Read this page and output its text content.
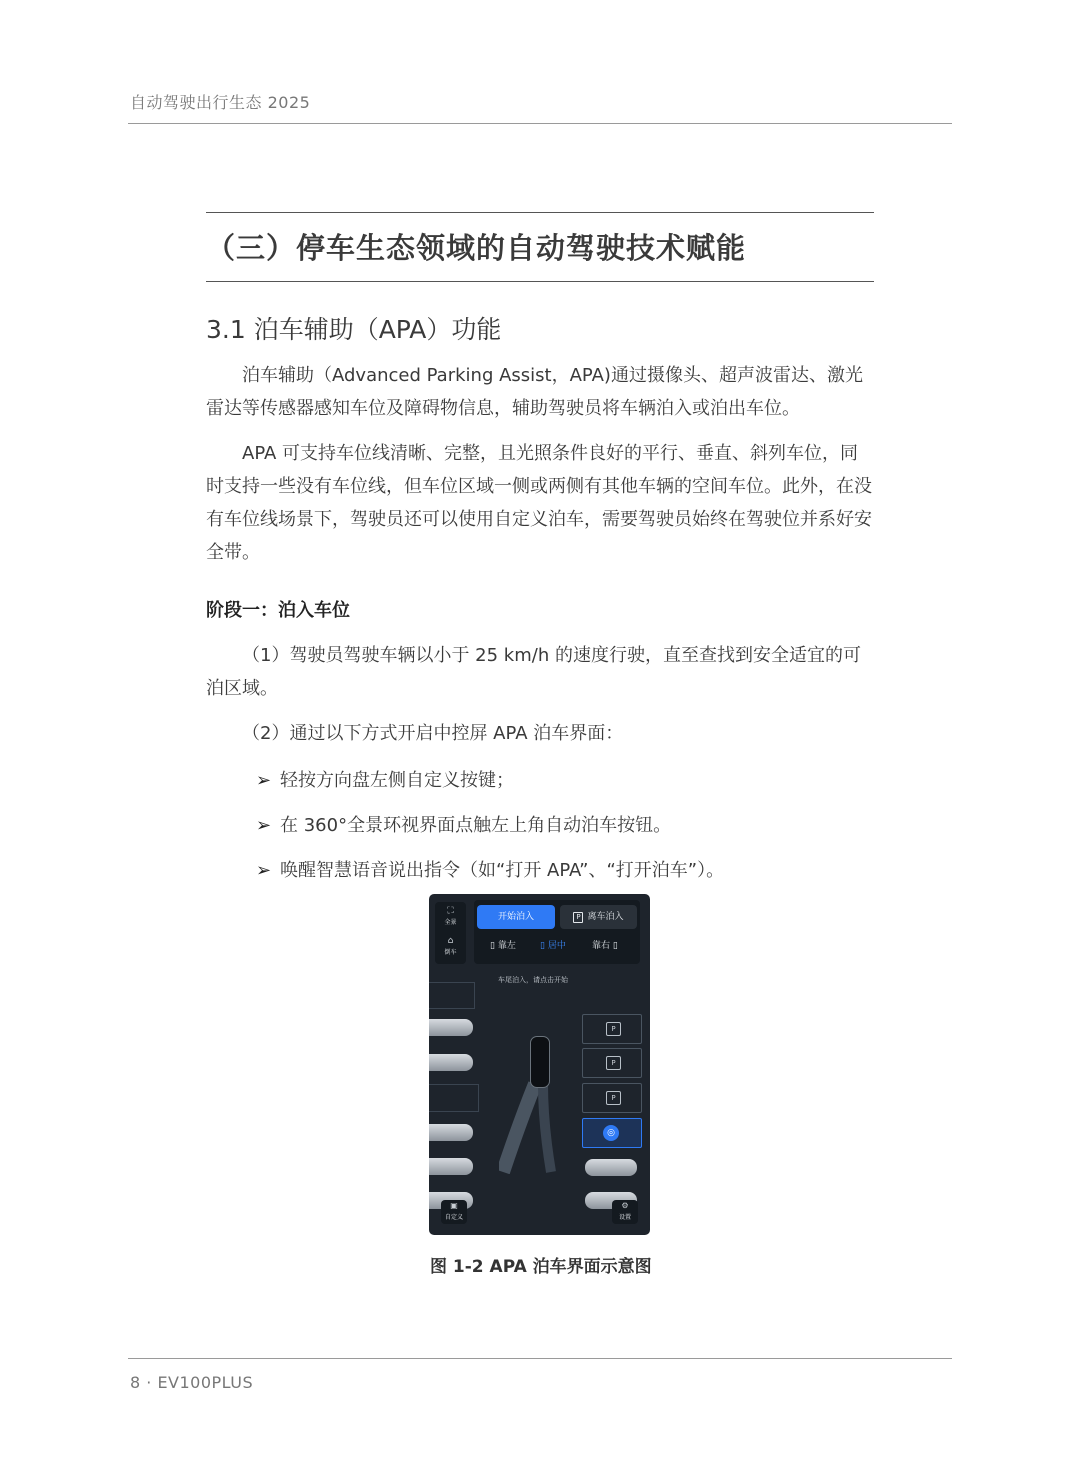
自动驾驶出行生态 2025
（三）停车生态领域的自动驾驶技术赋能
3.1 泊车辅助（APA）功能

泊车辅助（Advanced Parking Assist，APA)通过摄像头、超声波雷达、激光雷达等传感器感知车位及障碍物信息，辅助驾驶员将车辆泊入或泊出车位。

APA 可支持车位线清晰、完整，且光照条件良好的平行、垂直、斜列车位，同时支持一些没有车位线，但车位区域一侧或两侧有其他车辆的空间车位。此外，在没有车位线场景下，驾驶员还可以使用自定义泊车，需要驾驶员始终在驾驶位并系好安全带。

阶段一：泊入车位

（1）驾驶员驾驶车辆以小于 25 km/h 的速度行驶，直至查找到安全适宜的可泊区域。

（2）通过以下方式开启中控屏 APA 泊车界面：

➢ 轻按方向盘左侧自定义按键；
➢ 在 360°全景环视界面点触左上角自动泊车按钮。
➢ 唤醒智慧语音说出指令（如“打开 APA”、“打开泊车”）。
P
P
P
◎
⛶
全景
⌂
倒车
开始泊入	P 离车泊入
▯ 靠左	▯ 居中	靠右 ▯
车尾泊入，请点击开始
▣
自定义
⚙
设置
图 1-2 APA 泊车界面示意图
8 · EV100PLUS
